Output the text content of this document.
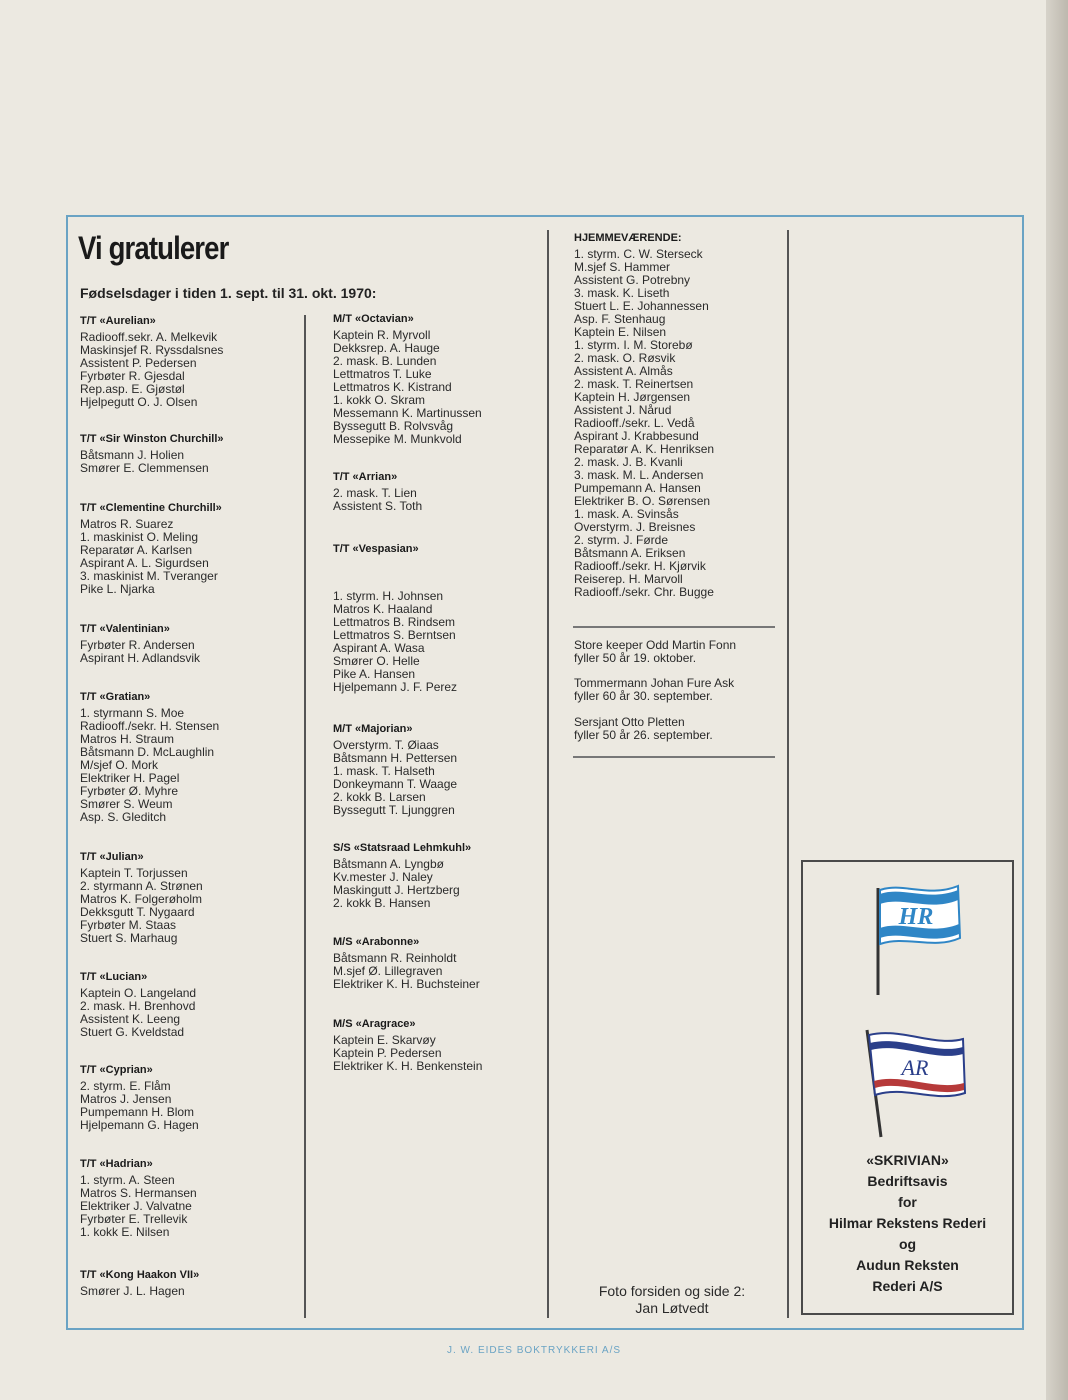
Vi gratulerer
Fødselsdager i tiden 1. sept. til 31. okt. 1970:
T/T «Aurelian»
Radiooff.sekr. A. Melkevik
Maskinsjef R. Ryssdalsnes
Assistent P. Pedersen
Fyrbøter R. Gjesdal
Rep.asp. E. Gjøstøl
Hjelpegutt O. J. Olsen
T/T «Sir Winston Churchill»
Båtsmann J. Holien
Smører E. Clemmensen
T/T «Clementine Churchill»
Matros R. Suarez
1. maskinist O. Meling
Reparatør A. Karlsen
Aspirant A. L. Sigurdsen
3. maskinist M. Tveranger
Pike L. Njarka
T/T «Valentinian»
Fyrbøter R. Andersen
Aspirant H. Adlandsvik
T/T «Gratian»
1. styrmann S. Moe
Radiooff./sekr. H. Stensen
Matros H. Straum
Båtsmann D. McLaughlin
M/sjef O. Mork
Elektriker H. Pagel
Fyrbøter Ø. Myhre
Smører S. Weum
Asp. S. Gleditch
T/T «Julian»
Kaptein T. Torjussen
2. styrmann A. Strønen
Matros K. Folgerøholm
Dekksgutt T. Nygaard
Fyrbøter M. Staas
Stuert S. Marhaug
T/T «Lucian»
Kaptein O. Langeland
2. mask. H. Brenhovd
Assistent K. Leeng
Stuert G. Kveldstad
T/T «Cyprian»
2. styrm. E. Flåm
Matros J. Jensen
Pumpemann H. Blom
Hjelpemann G. Hagen
T/T «Hadrian»
1. styrm. A. Steen
Matros S. Hermansen
Elektriker J. Valvatne
Fyrbøter E. Trellevik
1. kokk E. Nilsen
T/T «Kong Haakon VII»
Smører J. L. Hagen
M/T «Octavian»
Kaptein R. Myrvoll
Dekksrep. A. Hauge
2. mask. B. Lunden
Lettmatros T. Luke
Lettmatros K. Kistrand
1. kokk O. Skram
Messemann K. Martinussen
Byssegutt B. Rolvsvåg
Messepike M. Munkvold
T/T «Arrian»
2. mask. T. Lien
Assistent S. Toth
T/T «Vespasian»
1. styrm. H. Johnsen
Matros K. Haaland
Lettmatros B. Rindsem
Lettmatros S. Berntsen
Aspirant A. Wasa
Smører O. Helle
Pike A. Hansen
Hjelpemann J. F. Perez
M/T «Majorian»
Overstyrm. T. Øiaas
Båtsmann H. Pettersen
1. mask. T. Halseth
Donkeymann T. Waage
2. kokk B. Larsen
Byssegutt T. Ljunggren
S/S «Statsraad Lehmkuhl»
Båtsmann A. Lyngbø
Kv.mester J. Naley
Maskingutt J. Hertzberg
2. kokk B. Hansen
M/S «Arabonne»
Båtsmann R. Reinholdt
M.sjef Ø. Lillegraven
Elektriker K. H. Buchsteiner
M/S «Aragrace»
Kaptein E. Skarvøy
Kaptein P. Pedersen
Elektriker K. H. Benkenstein
HJEMMEVÆRENDE:
1. styrm. C. W. Sterseck
M.sjef S. Hammer
Assistent G. Potrebny
3. mask. K. Liseth
Stuert L. E. Johannessen
Asp. F. Stenhaug
Kaptein E. Nilsen
1. styrm. I. M. Storebø
2. mask. O. Røsvik
Assistent A. Almås
2. mask. T. Reinertsen
Kaptein H. Jørgensen
Assistent J. Nårud
Radiooff./sekr. L. Vedå
Aspirant J. Krabbesund
Reparatør A. K. Henriksen
2. mask. J. B. Kvanli
3. mask. M. L. Andersen
Pumpemann A. Hansen
Elektriker B. O. Sørensen
1. mask. A. Svinsås
Overstyrm. J. Breisnes
2. styrm. J. Førde
Båtsmann A. Eriksen
Radiooff./sekr. H. Kjørvik
Reiserep. H. Marvoll
Radiooff./sekr. Chr. Bugge
Store keeper Odd Martin Fonn
fyller 50 år 19. oktober.
Tommermann Johan Fure Ask
fyller 60 år 30. september.
Sersjant Otto Pletten
fyller 50 år 26. september.
HR
AR
«SKRIVIAN»
Bedriftsavis
for
Hilmar Rekstens Rederi
og
Audun Reksten
Rederi A/S
Foto forsiden og side 2:
Jan Løtvedt
J. W. EIDES BOKTRYKKERI A/S
